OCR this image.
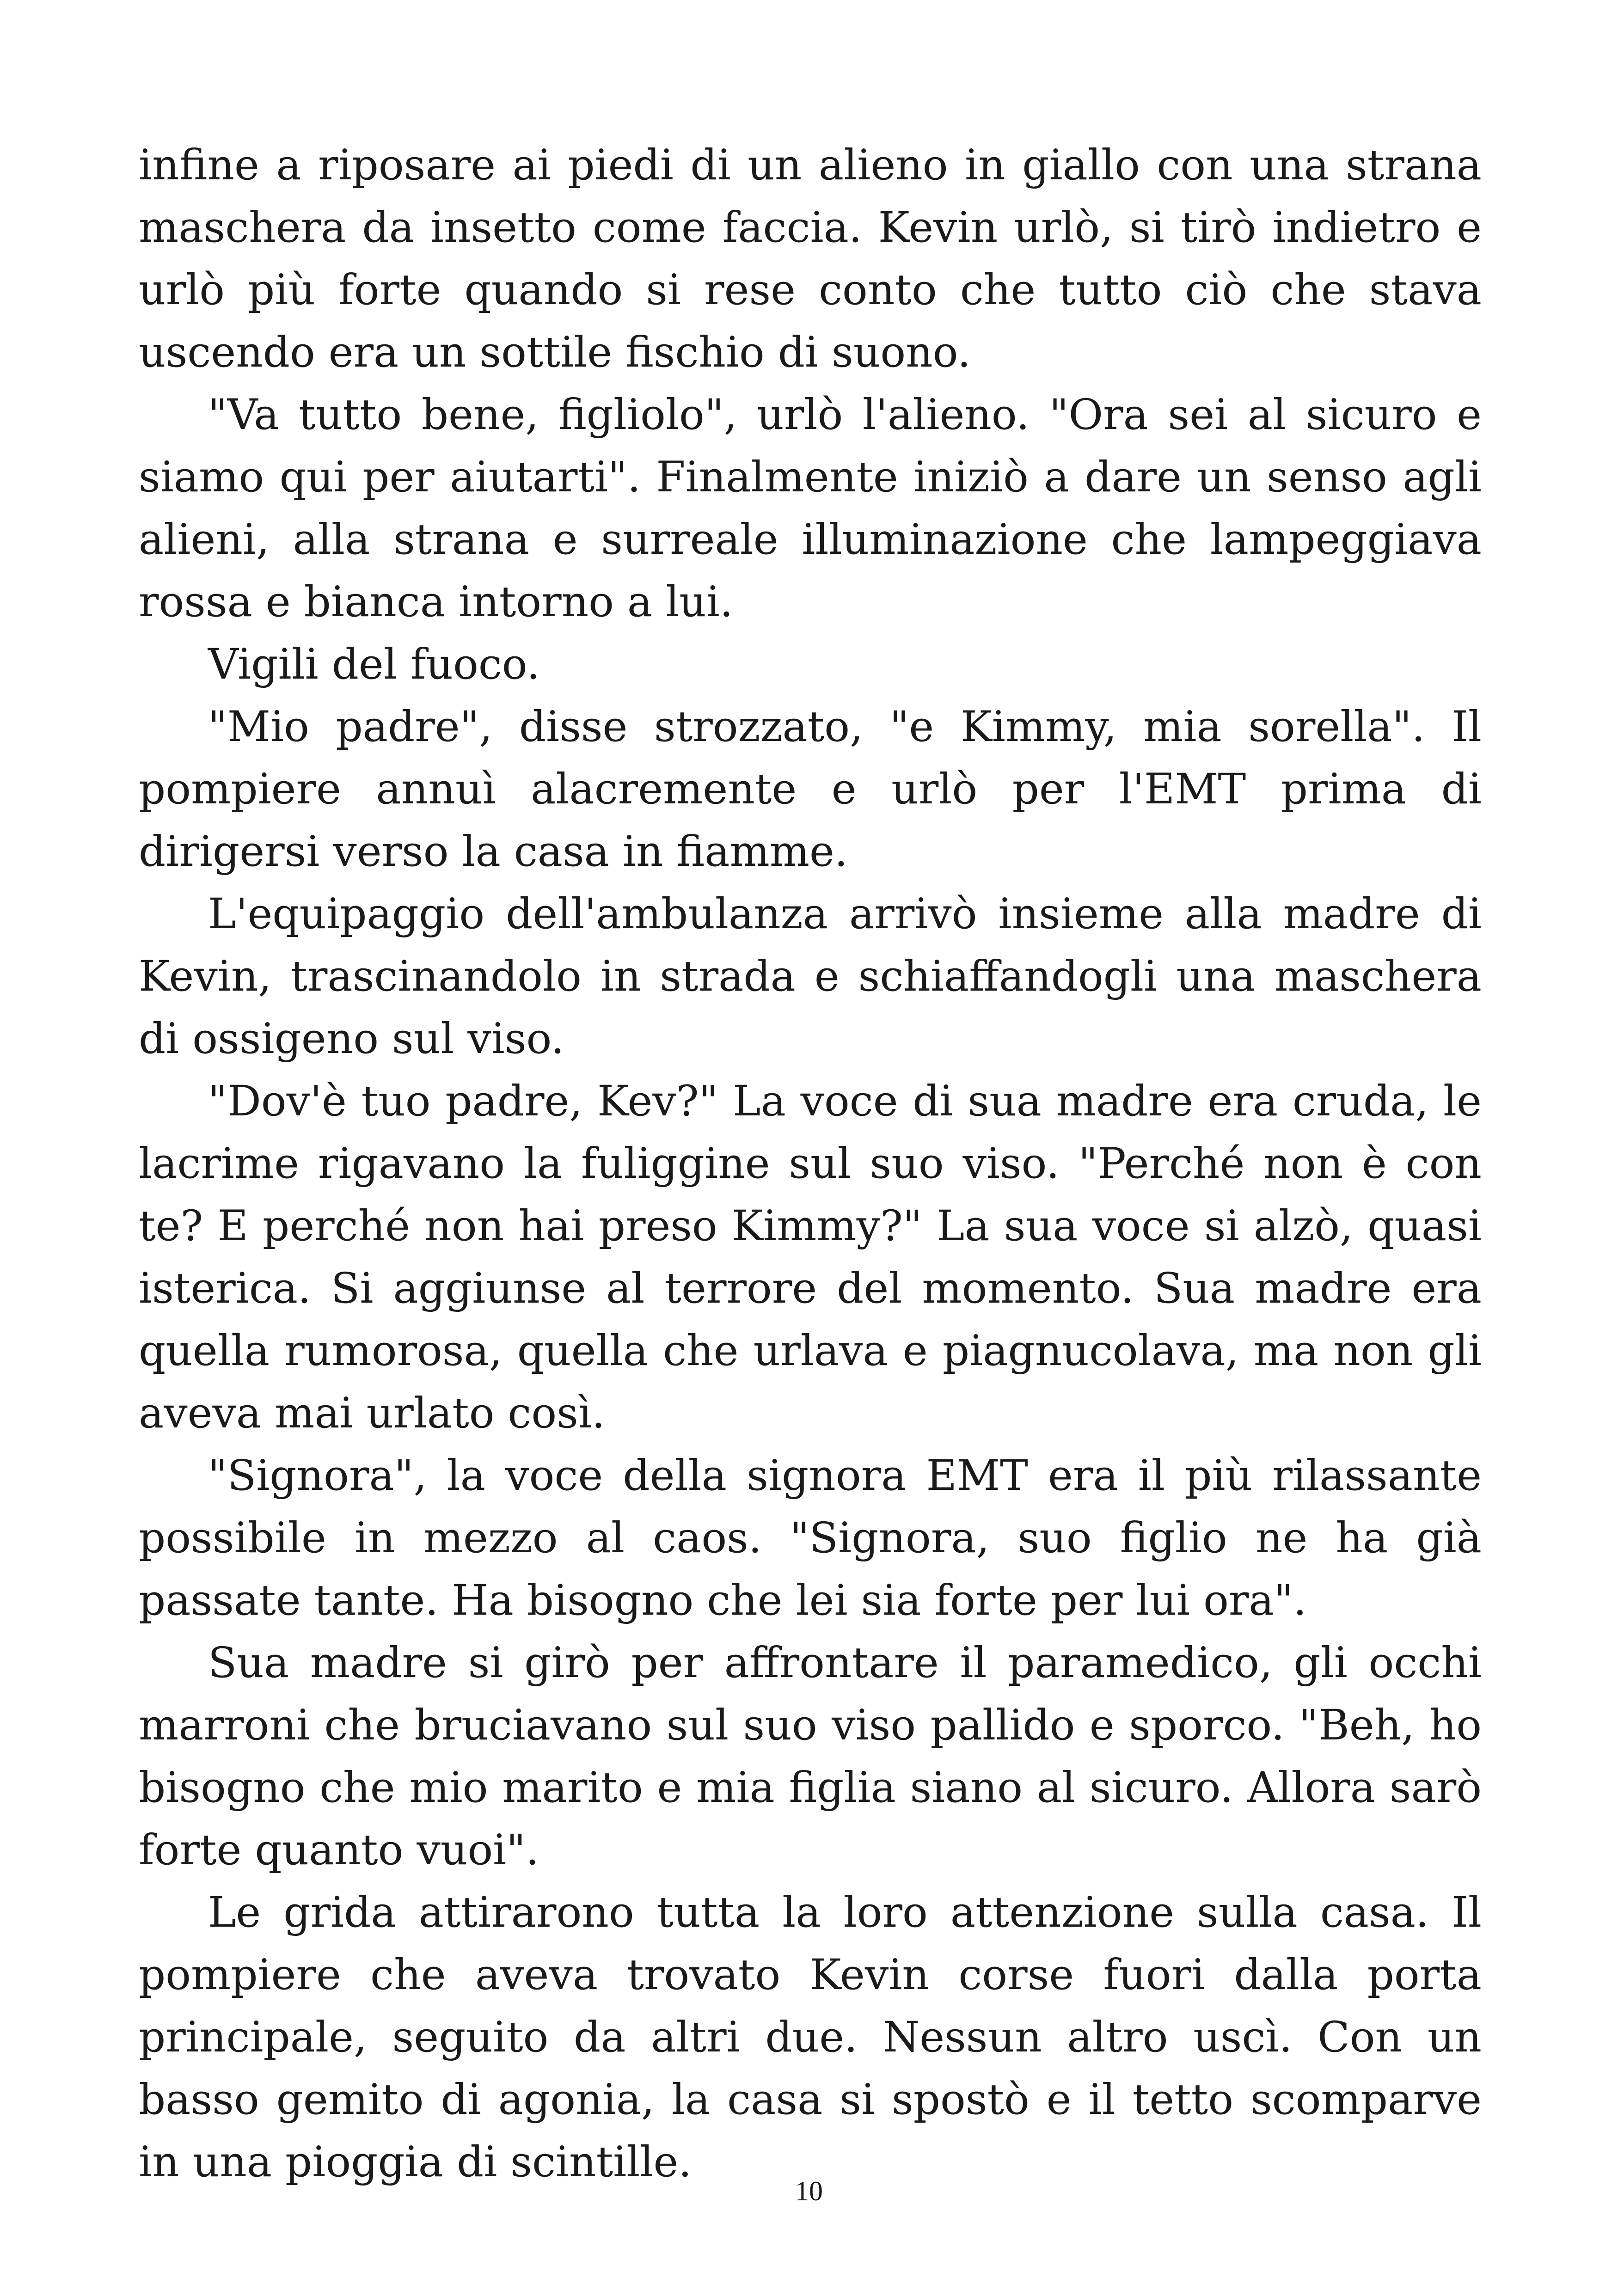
infine a riposare ai piedi di un alieno in giallo con una strana maschera da insetto come faccia. Kevin urlò, si tirò indietro e urlò più forte quando si rese conto che tutto ciò che stava uscendo era un sottile fischio di suono.

"Va tutto bene, figliolo", urlò l'alieno. "Ora sei al sicuro e siamo qui per aiutarti". Finalmente iniziò a dare un senso agli alieni, alla strana e surreale illuminazione che lampeggiava rossa e bianca intorno a lui.

Vigili del fuoco.

"Mio padre", disse strozzato, "e Kimmy, mia sorella". Il pompiere annuì alacremente e urlò per l'EMT prima di dirigersi verso la casa in fiamme.

L'equipaggio dell'ambulanza arrivò insieme alla madre di Kevin, trascinandolo in strada e schiaffandogli una maschera di ossigeno sul viso.

"Dov'è tuo padre, Kev?" La voce di sua madre era cruda, le lacrime rigavano la fuliggine sul suo viso. "Perché non è con te? E perché non hai preso Kimmy?" La sua voce si alzò, quasi isterica. Si aggiunse al terrore del momento. Sua madre era quella rumorosa, quella che urlava e piagnucolava, ma non gli aveva mai urlato così.

"Signora", la voce della signora EMT era il più rilassante possibile in mezzo al caos. "Signora, suo figlio ne ha già passate tante. Ha bisogno che lei sia forte per lui ora".

Sua madre si girò per affrontare il paramedico, gli occhi marroni che bruciavano sul suo viso pallido e sporco. "Beh, ho bisogno che mio marito e mia figlia siano al sicuro. Allora sarò forte quanto vuoi".

Le grida attirarono tutta la loro attenzione sulla casa. Il pompiere che aveva trovato Kevin corse fuori dalla porta principale, seguito da altri due. Nessun altro uscì. Con un basso gemito di agonia, la casa si spostò e il tetto scomparve in una pioggia di scintille.

10
